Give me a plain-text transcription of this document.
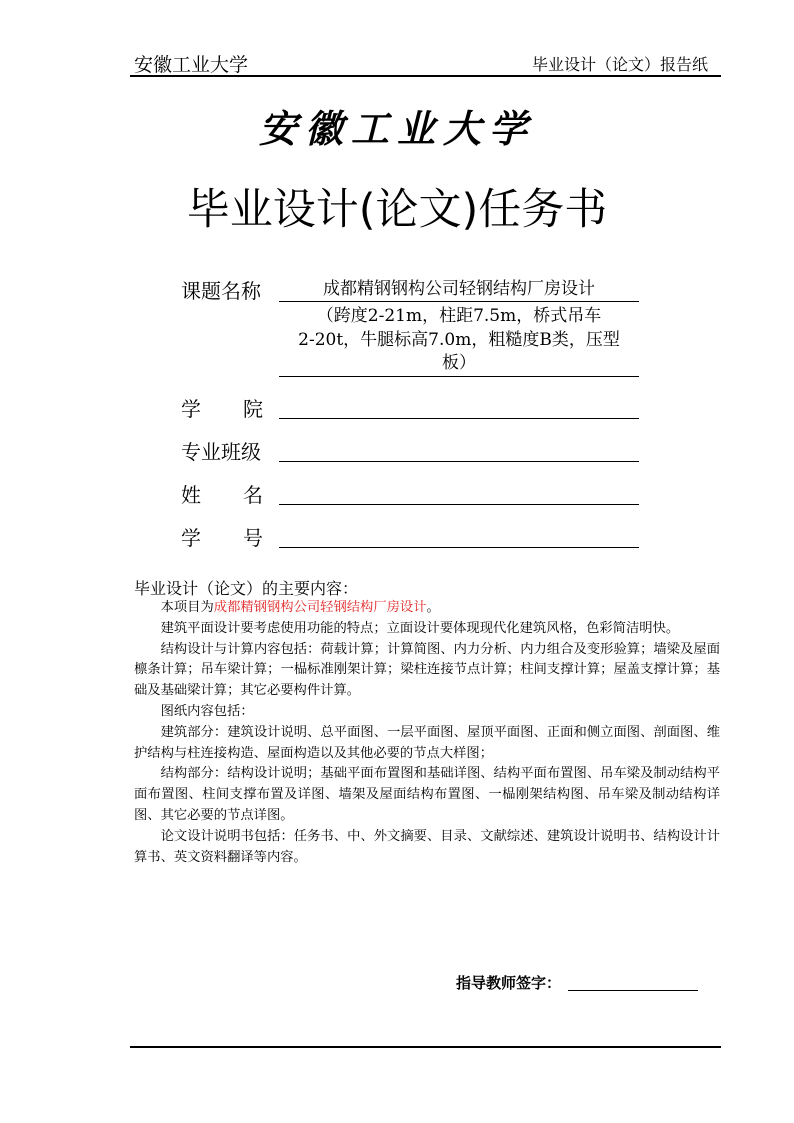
安徽工业大学	毕业设计（论文）报告纸
安徽工业大学
毕业设计(论文)任务书
课题名称	成都精钢钢构公司轻钢结构厂房设计
（跨度2-21m，柱距7.5m，桥式吊车
2-20t，牛腿标高7.0m，粗糙度B类，压型
板）
学院
专业班级
姓名
学号
毕业设计（论文）的主要内容：

本项目为成都精钢钢构公司轻钢结构厂房设计。

建筑平面设计要考虑使用功能的特点；立面设计要体现现代化建筑风格，色彩简洁明快。

结构设计与计算内容包括：荷载计算；计算简图、内力分析、内力组合及变形验算；墙梁及屋面檩条计算；吊车梁计算；一榀标准刚架计算；梁柱连接节点计算；柱间支撑计算；屋盖支撑计算；基础及基础梁计算；其它必要构件计算。

图纸内容包括：

建筑部分：建筑设计说明、总平面图、一层平面图、屋顶平面图、正面和侧立面图、剖面图、维护结构与柱连接构造、屋面构造以及其他必要的节点大样图；

结构部分：结构设计说明；基础平面布置图和基础详图、结构平面布置图、吊车梁及制动结构平面布置图、柱间支撑布置及详图、墙架及屋面结构布置图、一榀刚架结构图、吊车梁及制动结构详图、其它必要的节点详图。

论文设计说明书包括：任务书、中、外文摘要、目录、文献综述、建筑设计说明书、结构设计计算书、英文资料翻译等内容。

指导教师签字：
